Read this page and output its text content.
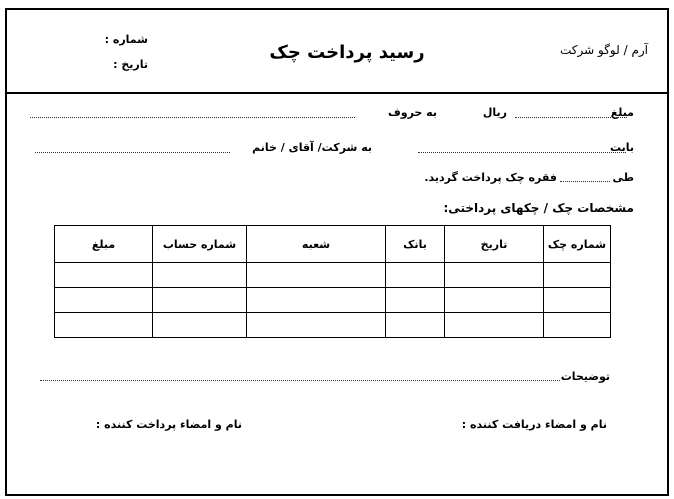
آرم / لوگو شرکت
رسید پرداخت چک
شماره :
تاریخ :
مبلغ
ریال
به حروف
بابت
به شرکت/ آقای / خانم
طی
فقره چک پرداخت گردید.
مشخصات چک / چکهای پرداختی:
شماره چک	تاریخ	بانک	شعبه	شماره حساب	مبلغ

توضیحات
نام و امضاء دریافت کننده :
نام و امضاء پرداخت کننده :
